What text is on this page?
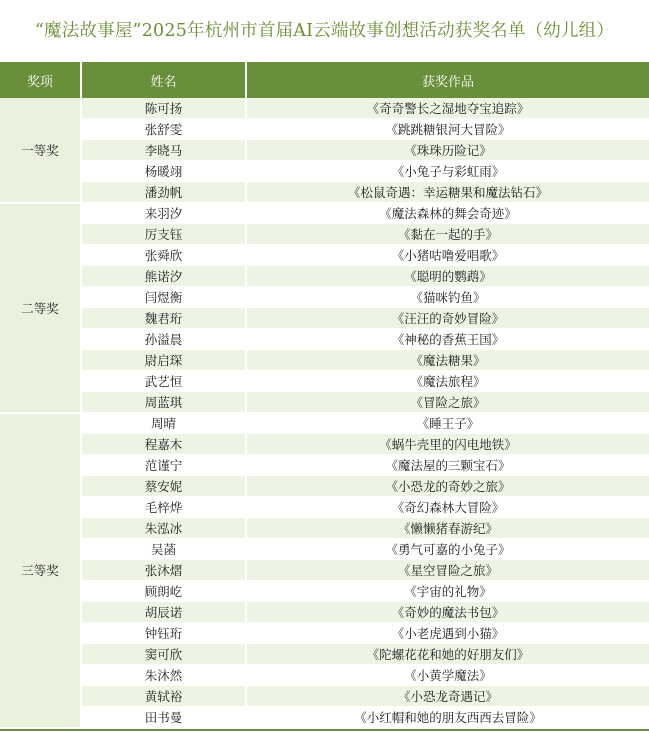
“魔法故事屋”2025年杭州市首届AI云端故事创想活动获奖名单（幼儿组）
奖项	姓名	获奖作品
一等奖	陈可扬	《奇奇警长之湿地夺宝追踪》
	张舒雯	《跳跳糖银河大冒险》
	李晓马	《珠珠历险记》
	杨暖翊	《小兔子与彩虹雨》
	潘劲帆	《松鼠奇遇：幸运糖果和魔法钻石》
二等奖	来羽汐	《魔法森林的舞会奇迹》
	厉支钰	《黏在一起的手》
	张舜欣	《小猪咕噜爱唱歌》
	熊诺汐	《聪明的鹦鹉》
	闫煜衡	《猫咪钓鱼》
	魏君珩	《汪汪的奇妙冒险》
	孙溢晨	《神秘的香蕉王国》
	尉启琛	《魔法糖果》
	武艺恒	《魔法旅程》
	周蓝琪	《冒险之旅》
三等奖	周晴	《睡王子》
	程嘉木	《蜗牛壳里的闪电地铁》
	范谨宁	《魔法屋的三颗宝石》
	蔡安妮	《小恐龙的奇妙之旅》
	毛梓烨	《奇幻森林大冒险》
	朱泓冰	《懒懒猪春游纪》
	吴菡	《勇气可嘉的小兔子》
	张沐熠	《星空冒险之旅》
	顾朗屹	《宇宙的礼物》
	胡辰诺	《奇妙的魔法书包》
	钟钰珩	《小老虎遇到小猫》
	窦可欣	《陀螺花花和她的好朋友们》
	朱沐然	《小黄学魔法》
	黄轼裕	《小恐龙奇遇记》
	田书曼	《小红帽和她的朋友西西去冒险》
